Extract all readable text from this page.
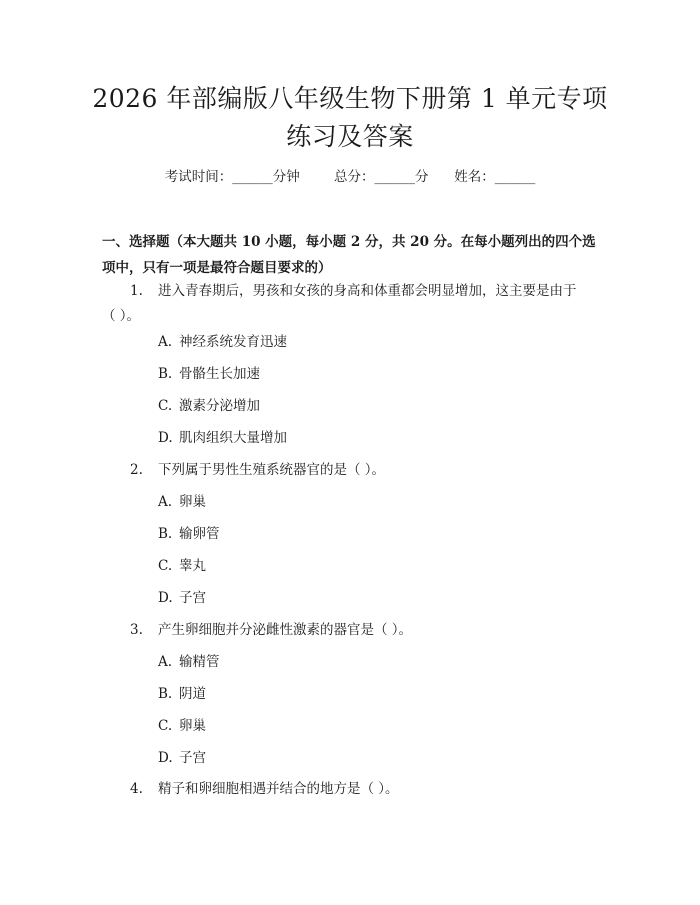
2026 年部编版八年级生物下册第 1 单元专项
练习及答案
考试时间：______分钟	总分：______分 姓名：______
一、选择题（本大题共 10 小题，每小题 2 分，共 20 分。在每小题列出的四个选
项中，只有一项是最符合题目要求的）
1. 进入青春期后，男孩和女孩的身高和体重都会明显增加，这主要是由于
（ ）。
A. 神经系统发育迅速
B. 骨骼生长加速
C. 激素分泌增加
D. 肌肉组织大量增加
2. 下列属于男性生殖系统器官的是（ ）。
A. 卵巢
B. 输卵管
C. 睾丸
D. 子宫
3. 产生卵细胞并分泌雌性激素的器官是（ ）。
A. 输精管
B. 阴道
C. 卵巢
D. 子宫
4. 精子和卵细胞相遇并结合的地方是（ ）。
